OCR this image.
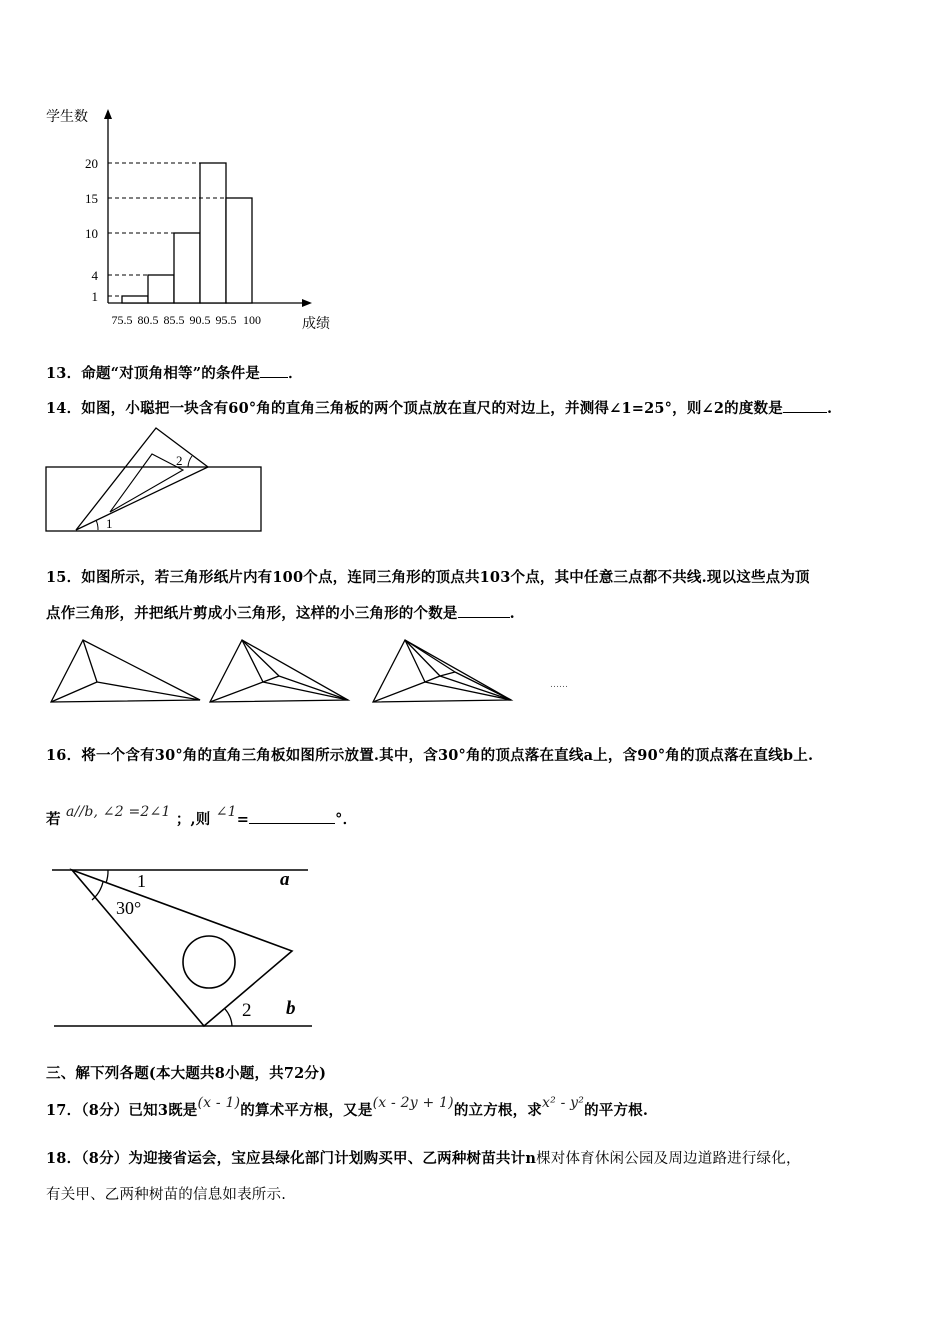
1
4
10
15
20
75.5 80.5 85.5 90.5 95.5 100
学生数
成绩
13．命题“对顶角相等”的条件是 ．
14．如图，小聪把一块含有60°角的直角三角板的两个顶点放在直尺的对边上，并测得∠1=25°，则∠2的度数是	.
1
2
15．如图所示，若三角形纸片内有100个点，连同三角形的顶点共103个点，其中任意三点都不共线.现以这些点为顶
点作三角形，并把纸片剪成小三角形，这样的小三角形的个数是	.
……
16．将一个含有30°角的直角三角板如图所示放置.其中，含30°角的顶点落在直线a上，含90°角的顶点落在直线b上.
若 a//b, ∠2 =2∠1 ；,则 ∠1=	°．
1
30°
2
a
b
三、解下列各题(本大题共8小题，共72分)
17．（8分）已知3既是(x - 1)的算术平方根，又是(x - 2y + 1)的立方根，求x² - y²的平方根.
18．（8分）为迎接省运会，宝应县绿化部门计划购买甲、乙两种树苗共计n棵对体育休闲公园及周边道路进行绿化，
有关甲、乙两种树苗的信息如表所示.
